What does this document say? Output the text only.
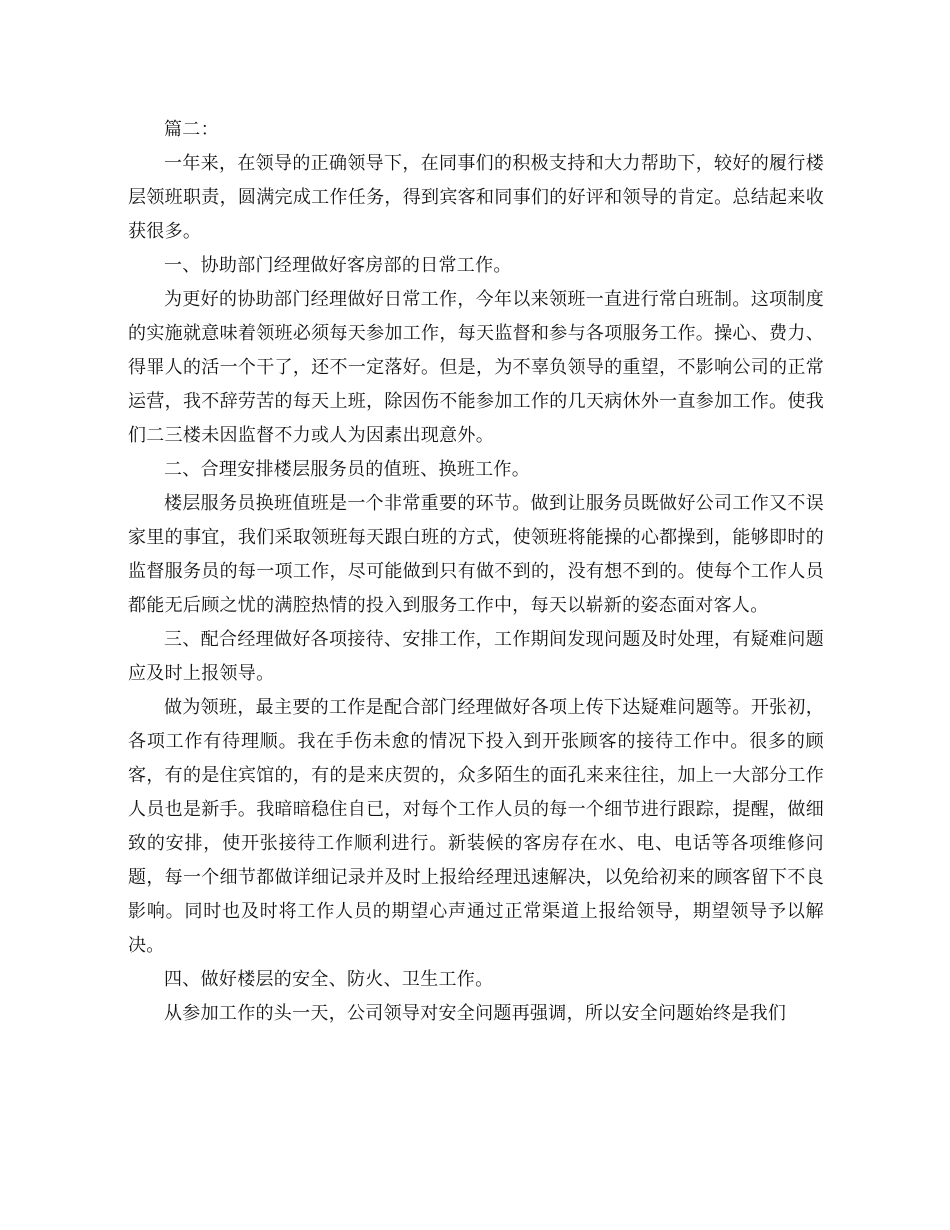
篇二：

一年来，在领导的正确领导下，在同事们的积极支持和大力帮助下，较好的履行楼层领班职责，圆满完成工作任务，得到宾客和同事们的好评和领导的肯定。总结起来收获很多。

一、协助部门经理做好客房部的日常工作。

为更好的协助部门经理做好日常工作，今年以来领班一直进行常白班制。这项制度的实施就意味着领班必须每天参加工作，每天监督和参与各项服务工作。操心、费力、得罪人的活一个干了，还不一定落好。但是，为不辜负领导的重望，不影响公司的正常运营，我不辞劳苦的每天上班，除因伤不能参加工作的几天病休外一直参加工作。使我们二三楼未因监督不力或人为因素出现意外。

二、合理安排楼层服务员的值班、换班工作。

楼层服务员换班值班是一个非常重要的环节。做到让服务员既做好公司工作又不误家里的事宜，我们采取领班每天跟白班的方式，使领班将能操的心都操到，能够即时的监督服务员的每一项工作，尽可能做到只有做不到的，没有想不到的。使每个工作人员都能无后顾之忧的满腔热情的投入到服务工作中，每天以崭新的姿态面对客人。

三、配合经理做好各项接待、安排工作，工作期间发现问题及时处理，有疑难问题应及时上报领导。

做为领班，最主要的工作是配合部门经理做好各项上传下达疑难问题等。开张初，各项工作有待理顺。我在手伤未愈的情况下投入到开张顾客的接待工作中。很多的顾客，有的是住宾馆的，有的是来庆贺的，众多陌生的面孔来来往往，加上一大部分工作人员也是新手。我暗暗稳住自已，对每个工作人员的每一个细节进行跟踪，提醒，做细致的安排，使开张接待工作顺利进行。新装候的客房存在水、电、电话等各项维修问题，每一个细节都做详细记录并及时上报给经理迅速解决，以免给初来的顾客留下不良影响。同时也及时将工作人员的期望心声通过正常渠道上报给领导，期望领导予以解决。

四、做好楼层的安全、防火、卫生工作。

从参加工作的头一天，公司领导对安全问题再强调，所以安全问题始终是我们
